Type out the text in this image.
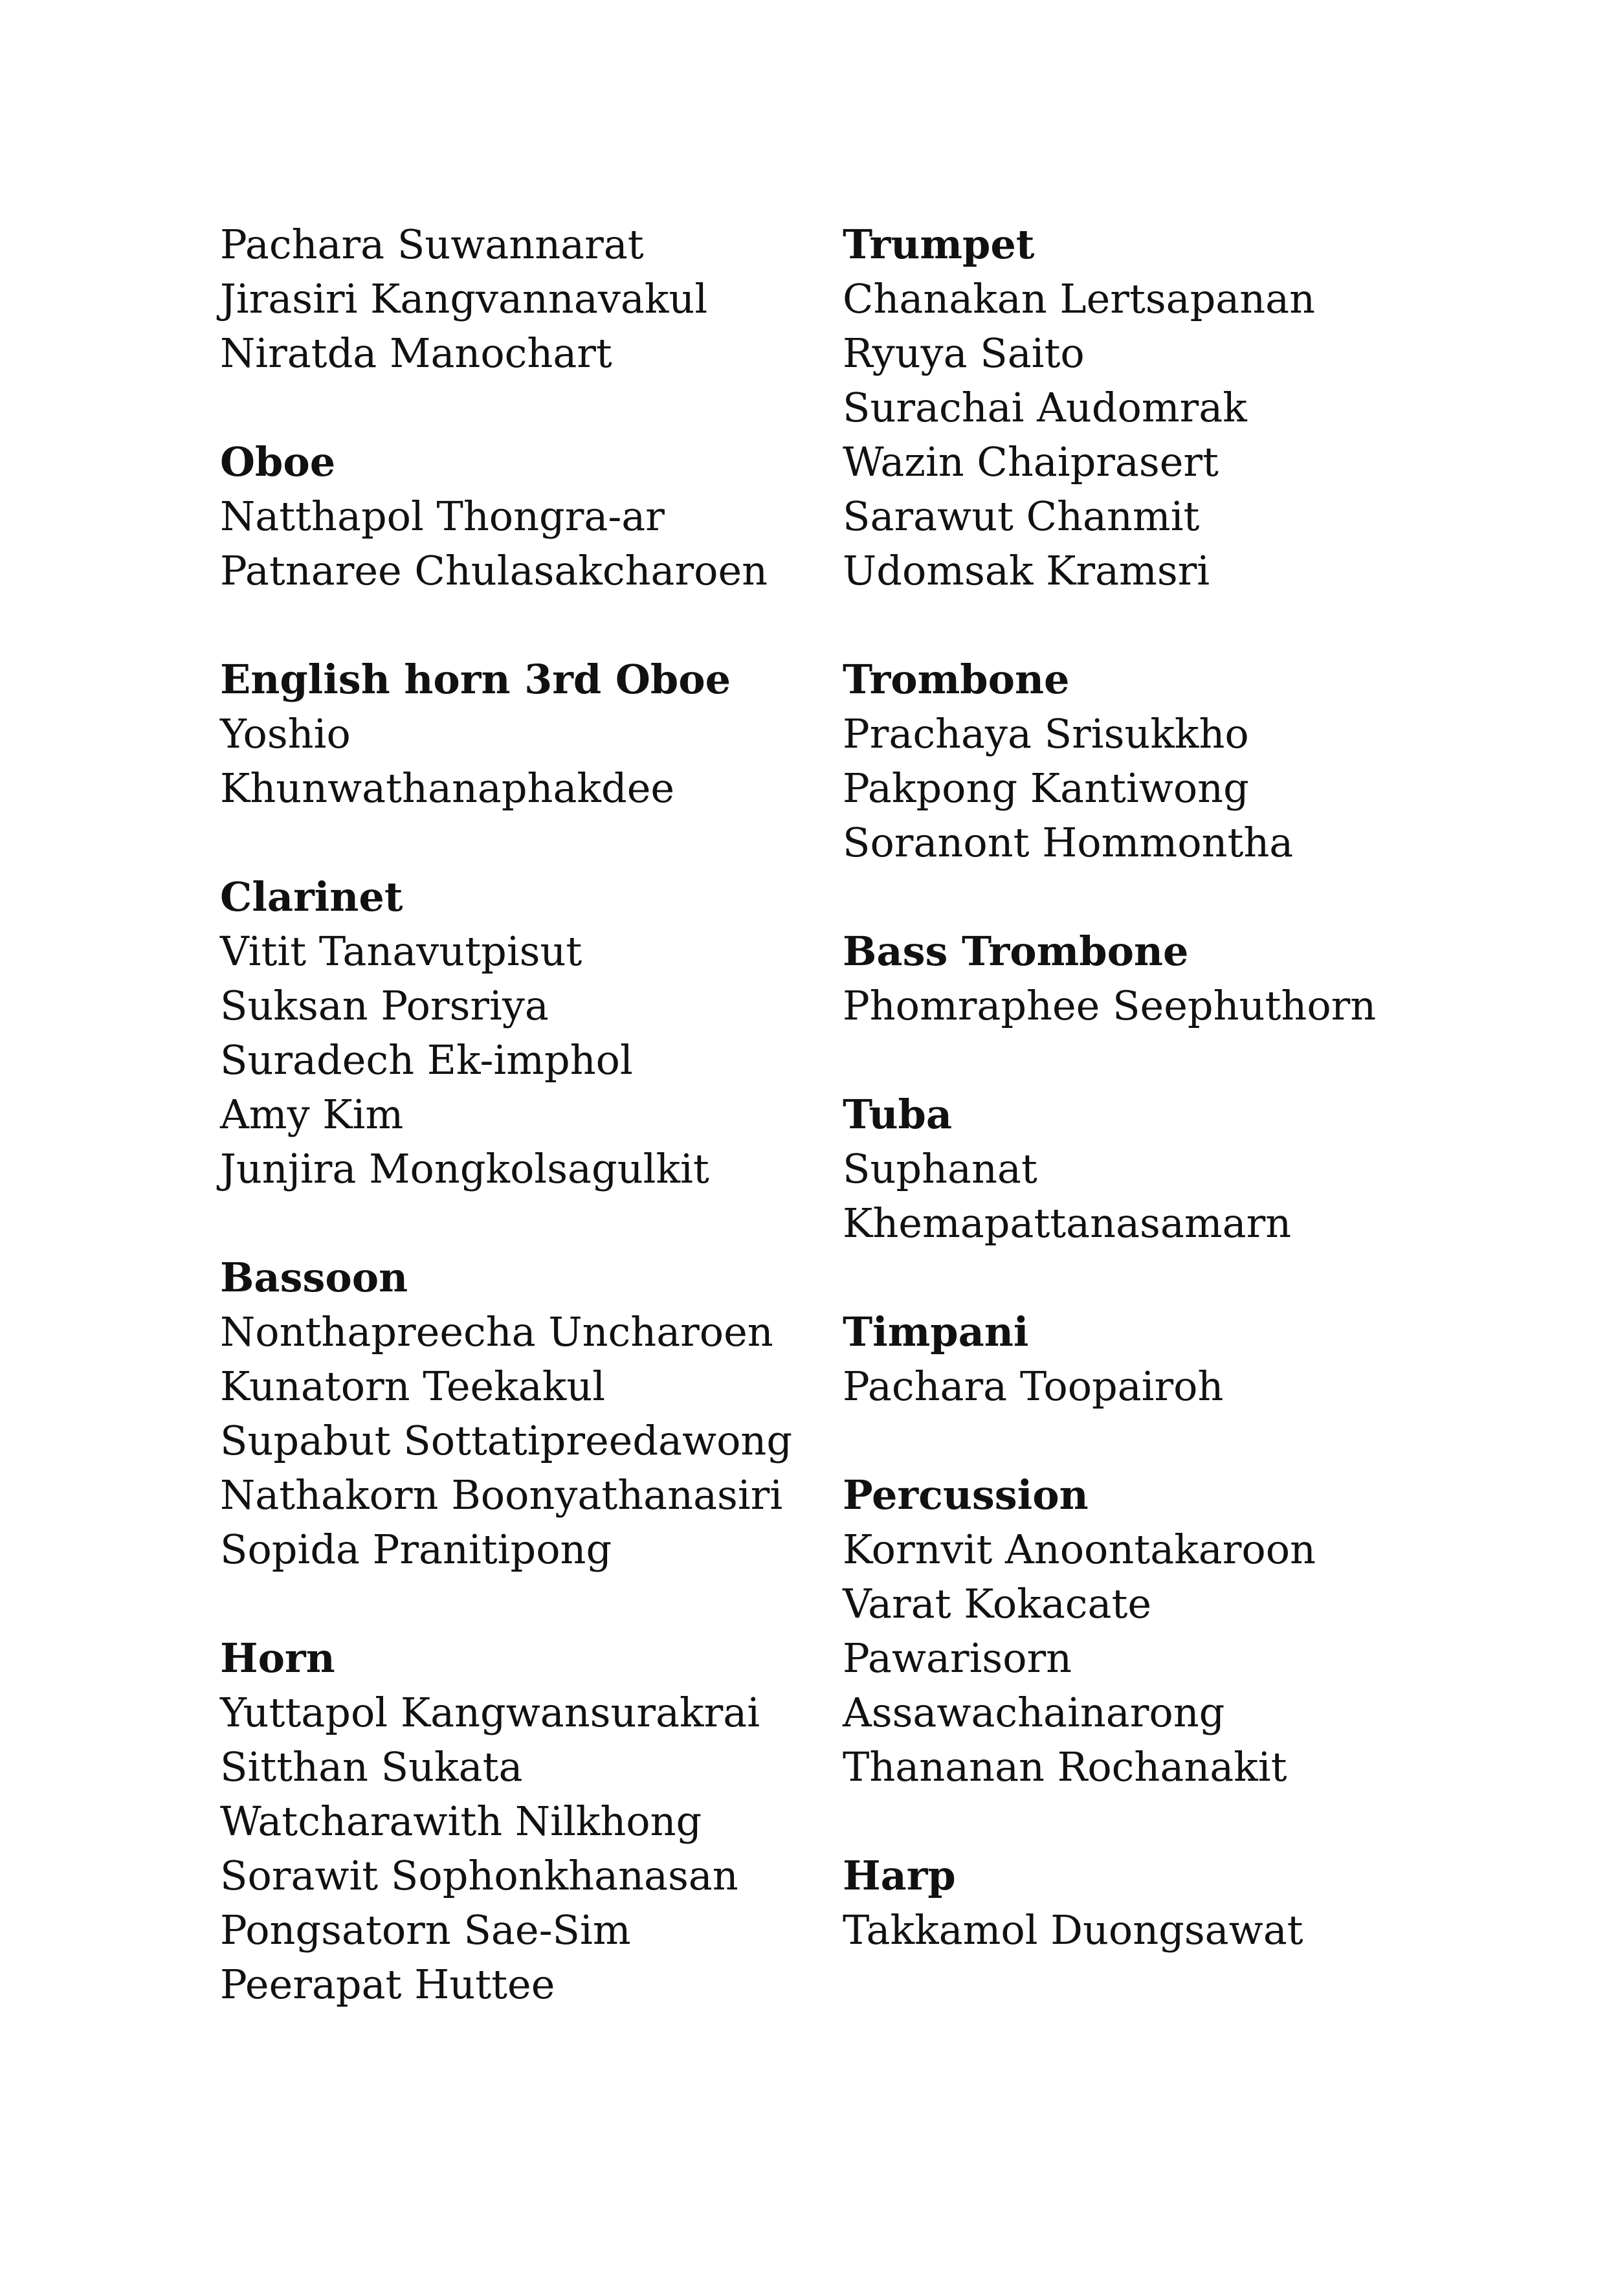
Pachara Suwannarat
Jirasiri Kangvannavakul
Niratda Manochart
Oboe
Natthapol Thongra-ar
Patnaree Chulasakcharoen
English horn 3rd Oboe
Yoshio
Khunwathanaphakdee
Clarinet
Vitit Tanavutpisut
Suksan Porsriya
Suradech Ek-imphol
Amy Kim
Junjira Mongkolsagulkit
Bassoon
Nonthapreecha Uncharoen
Kunatorn Teekakul
Supabut Sottatipreedawong
Nathakorn Boonyathanasiri
Sopida Pranitipong
Horn
Yuttapol Kangwansurakrai
Sitthan Sukata
Watcharawith Nilkhong
Sorawit Sophonkhanasan
Pongsatorn Sae-Sim
Peerapat Huttee
Trumpet
Chanakan Lertsapanan
Ryuya Saito
Surachai Audomrak
Wazin Chaiprasert
Sarawut Chanmit
Udomsak Kramsri
Trombone
Prachaya Srisukkho
Pakpong Kantiwong
Soranont Hommontha
Bass Trombone
Phomraphee Seephuthorn
Tuba
Suphanat
Khemapattanasamarn
Timpani
Pachara Toopairoh
Percussion
Kornvit Anoontakaroon
Varat Kokacate
Pawarisorn
Assawachainarong
Thananan Rochanakit
Harp
Takkamol Duongsawat
